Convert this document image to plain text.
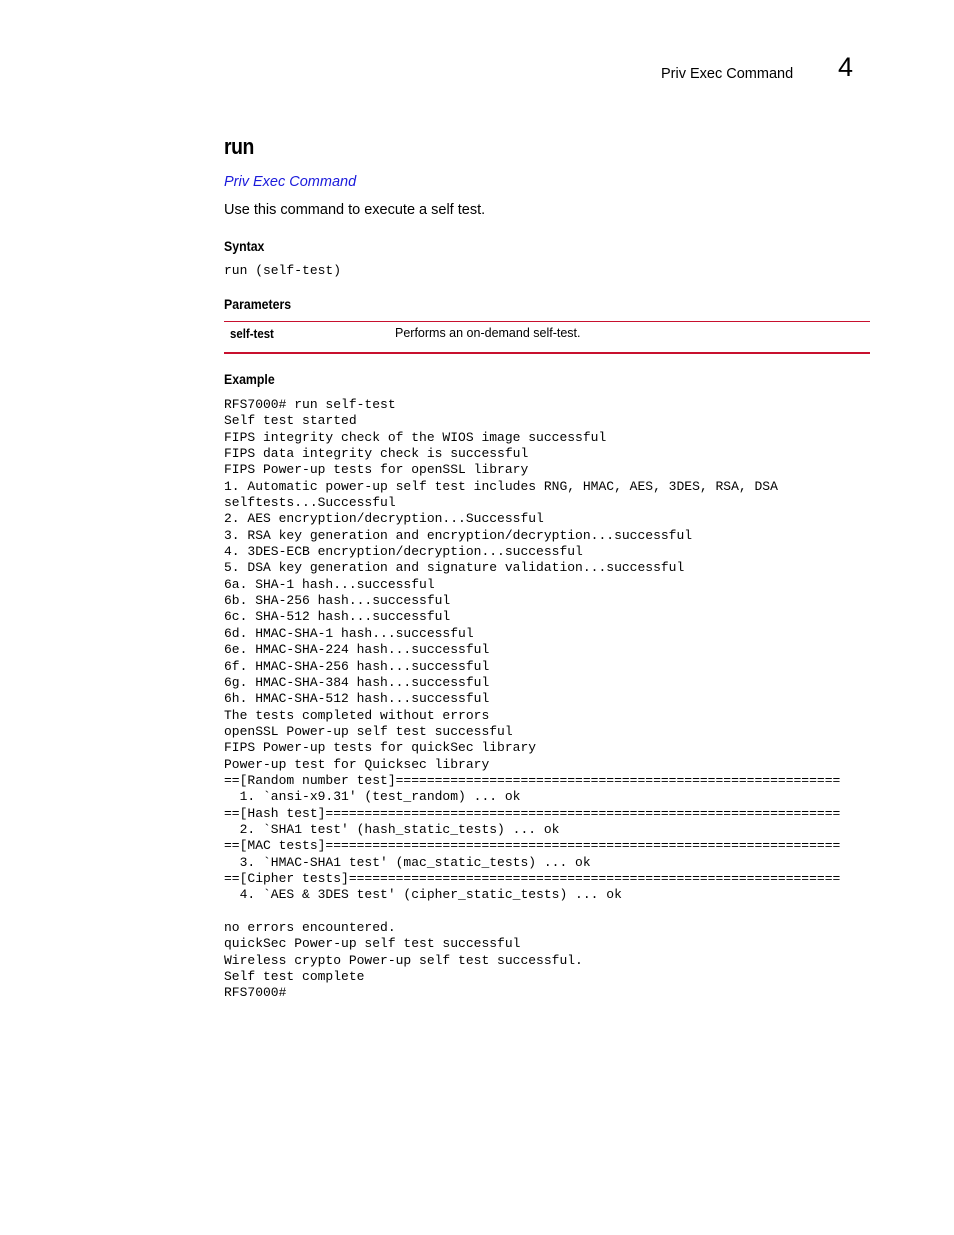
Priv Exec Command 4
run
Priv Exec Command
Use this command to execute a self test.
Syntax
run (self-test)
Parameters
self-test	Performs an on-demand self-test.
Example
RFS7000# run self-test
Self test started
FIPS integrity check of the WIOS image successful
FIPS data integrity check is successful
FIPS Power-up tests for openSSL library
1. Automatic power-up self test includes RNG, HMAC, AES, 3DES, RSA, DSA
selftests...Successful
2. AES encryption/decryption...Successful
3. RSA key generation and encryption/decryption...successful
4. 3DES-ECB encryption/decryption...successful
5. DSA key generation and signature validation...successful
6a. SHA-1 hash...successful
6b. SHA-256 hash...successful
6c. SHA-512 hash...successful
6d. HMAC-SHA-1 hash...successful
6e. HMAC-SHA-224 hash...successful
6f. HMAC-SHA-256 hash...successful
6g. HMAC-SHA-384 hash...successful
6h. HMAC-SHA-512 hash...successful
The tests completed without errors
openSSL Power-up self test successful
FIPS Power-up tests for quickSec library
Power-up test for Quicksec library
==[Random number test]=========================================================
1. `ansi-x9.31' (test_random) ... ok
==[Hash test]==================================================================
2. `SHA1 test' (hash_static_tests) ... ok
==[MAC tests]==================================================================
3. `HMAC-SHA1 test' (mac_static_tests) ... ok
==[Cipher tests]===============================================================
4. `AES & 3DES test' (cipher_static_tests) ... ok
no errors encountered.
quickSec Power-up self test successful
Wireless crypto Power-up self test successful.
Self test complete
RFS7000#
